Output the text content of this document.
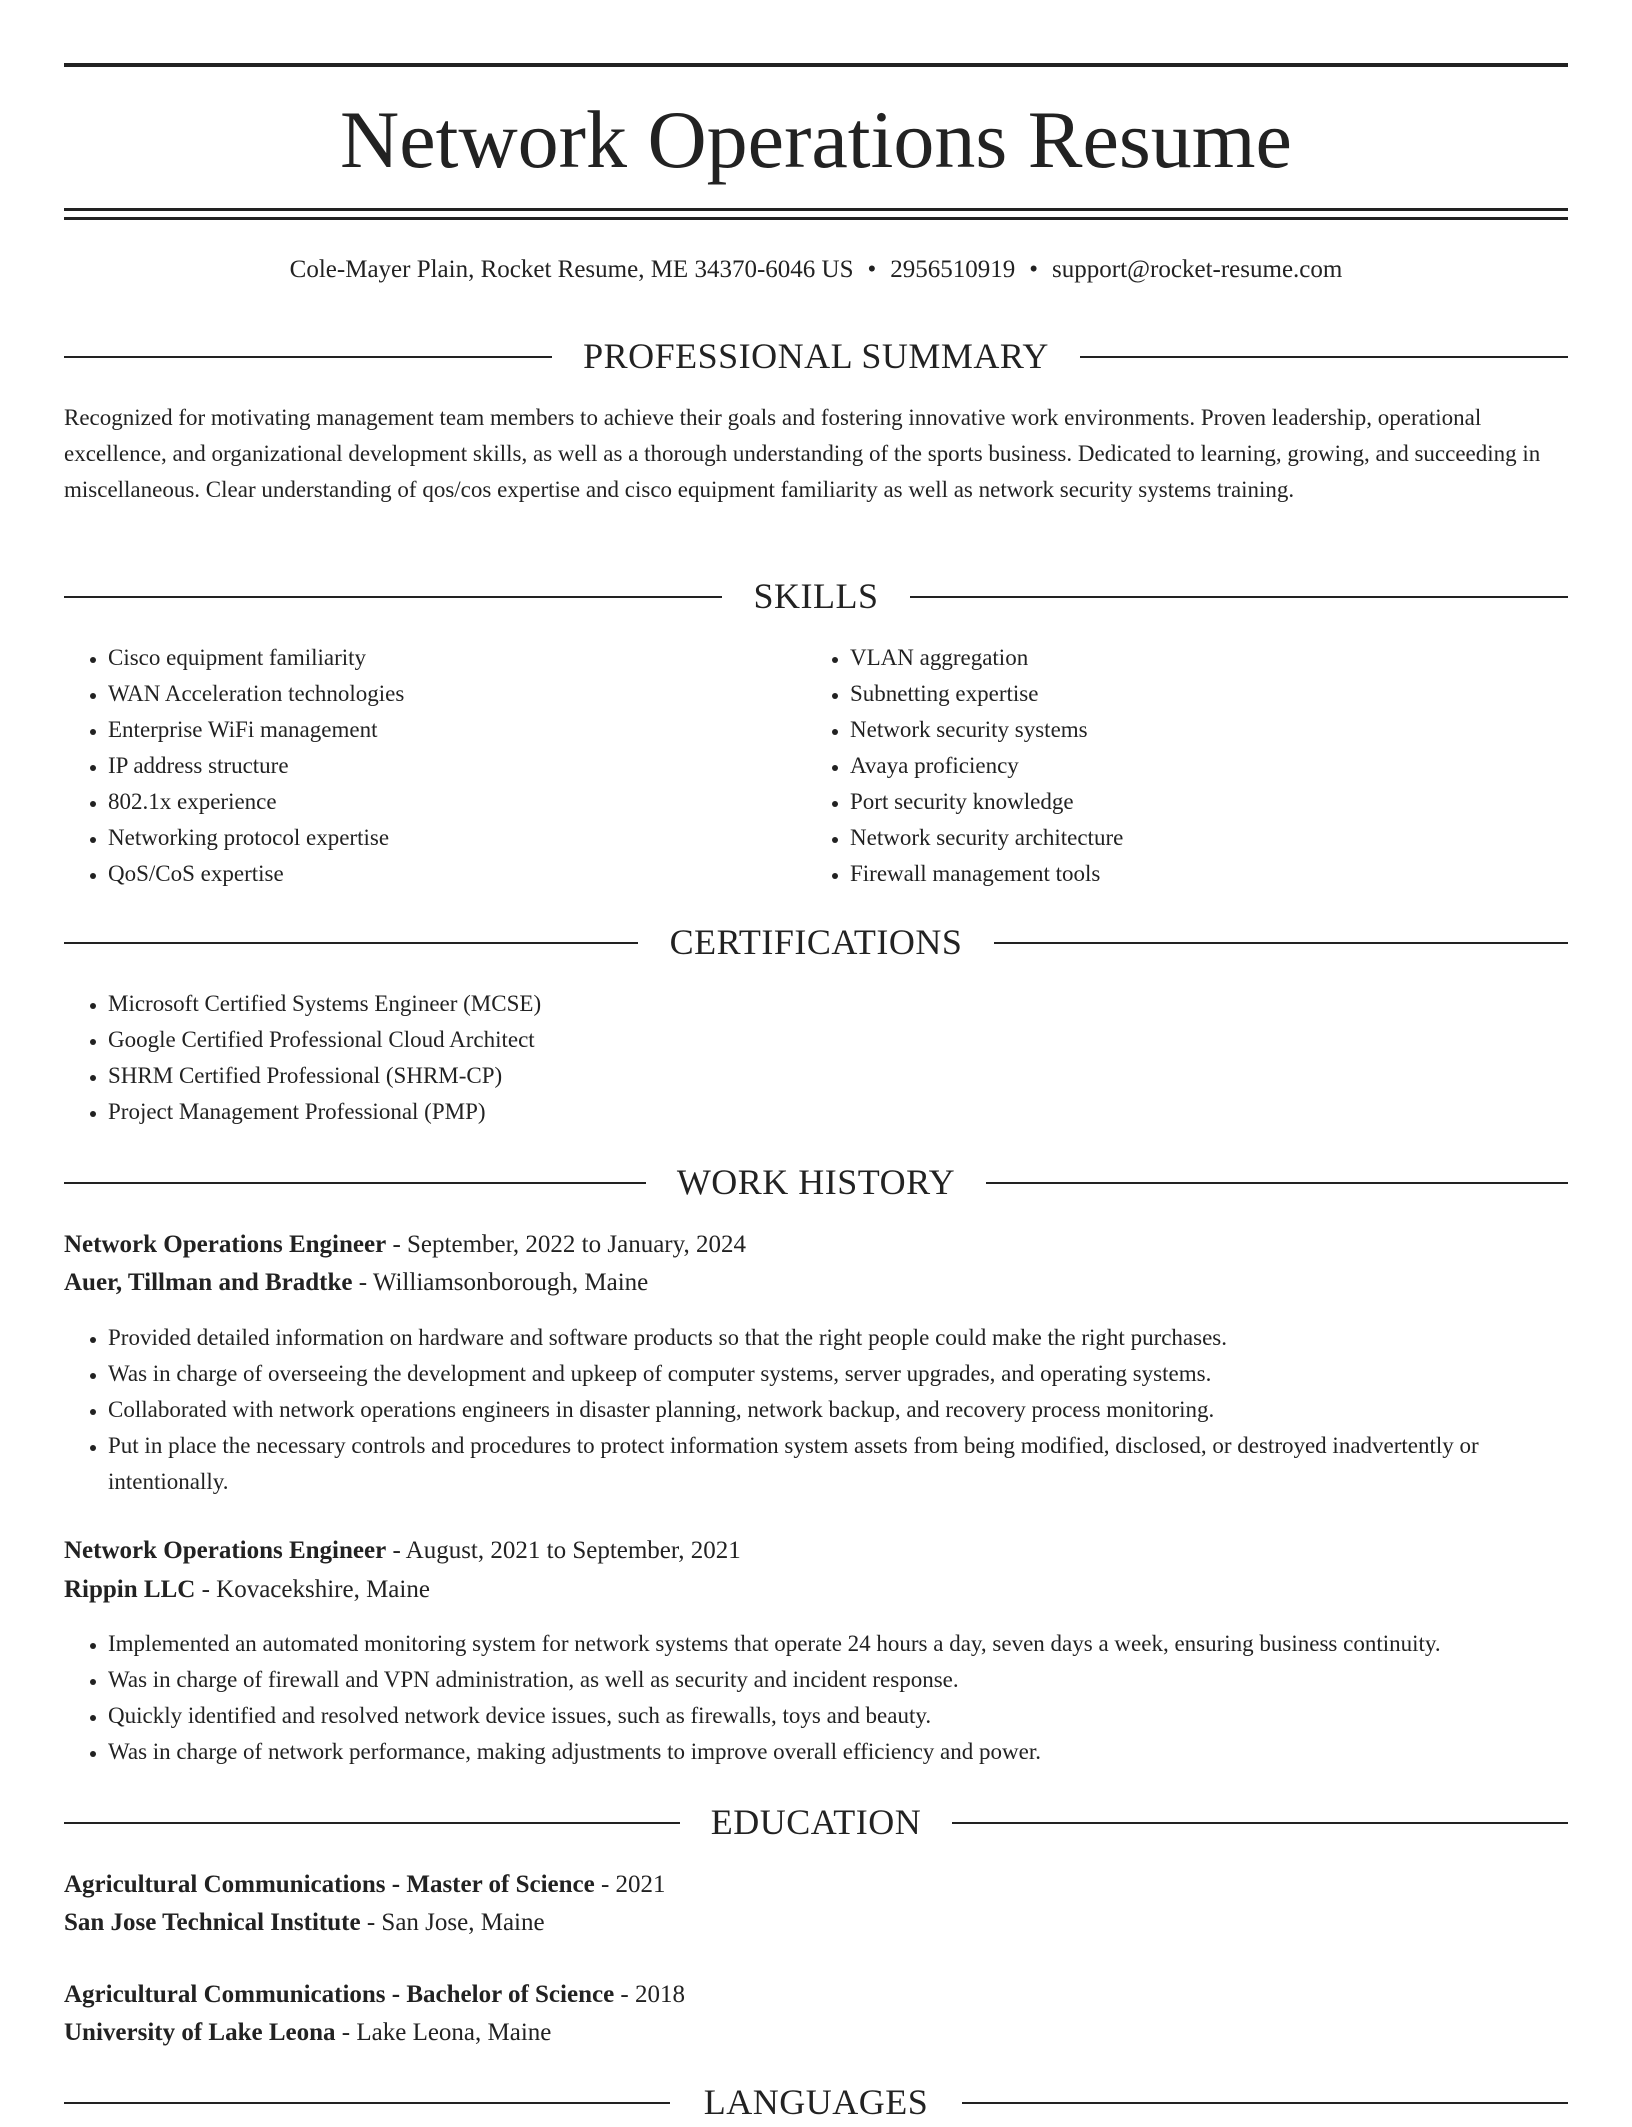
Network Operations Resume
Cole-Mayer Plain, Rocket Resume, ME 34370-6046 US • 2956510919 • support@rocket-resume.com
PROFESSIONAL SUMMARY
Recognized for motivating management team members to achieve their goals and fostering innovative work environments. Proven leadership, operational excellence, and organizational development skills, as well as a thorough understanding of the sports business. Dedicated to learning, growing, and succeeding in miscellaneous. Clear understanding of qos/cos expertise and cisco equipment familiarity as well as network security systems training.
SKILLS
• Cisco equipment familiarity
• WAN Acceleration technologies
• Enterprise WiFi management
• IP address structure
• 802.1x experience
• Networking protocol expertise
• QoS/CoS expertise
• VLAN aggregation
• Subnetting expertise
• Network security systems
• Avaya proficiency
• Port security knowledge
• Network security architecture
• Firewall management tools
CERTIFICATIONS
• Microsoft Certified Systems Engineer (MCSE)
• Google Certified Professional Cloud Architect
• SHRM Certified Professional (SHRM-CP)
• Project Management Professional (PMP)
WORK HISTORY
Network Operations Engineer - September, 2022 to January, 2024
Auer, Tillman and Bradtke - Williamsonborough, Maine
• Provided detailed information on hardware and software products so that the right people could make the right purchases.
• Was in charge of overseeing the development and upkeep of computer systems, server upgrades, and operating systems.
• Collaborated with network operations engineers in disaster planning, network backup, and recovery process monitoring.
• Put in place the necessary controls and procedures to protect information system assets from being modified, disclosed, or destroyed inadvertently or intentionally.
Network Operations Engineer - August, 2021 to September, 2021
Rippin LLC - Kovacekshire, Maine
• Implemented an automated monitoring system for network systems that operate 24 hours a day, seven days a week, ensuring business continuity.
• Was in charge of firewall and VPN administration, as well as security and incident response.
• Quickly identified and resolved network device issues, such as firewalls, toys and beauty.
• Was in charge of network performance, making adjustments to improve overall efficiency and power.
EDUCATION
Agricultural Communications - Master of Science - 2021
San Jose Technical Institute - San Jose, Maine
Agricultural Communications - Bachelor of Science - 2018
University of Lake Leona - Lake Leona, Maine
LANGUAGES
